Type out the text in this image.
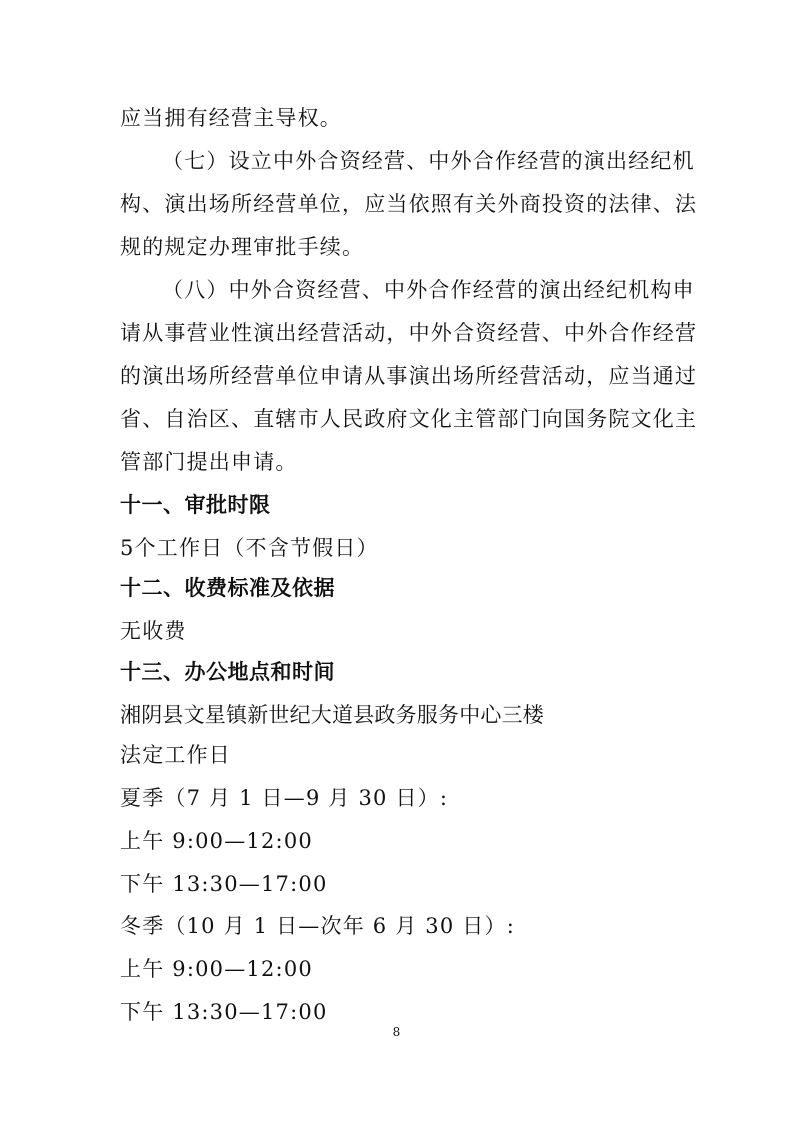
应当拥有经营主导权。
（七）设立中外合资经营、中外合作经营的演出经纪机
构、演出场所经营单位，应当依照有关外商投资的法律、法
规的规定办理审批手续。
（八）中外合资经营、中外合作经营的演出经纪机构申
请从事营业性演出经营活动，中外合资经营、中外合作经营
的演出场所经营单位申请从事演出场所经营活动，应当通过
省、自治区、直辖市人民政府文化主管部门向国务院文化主
管部门提出申请。
十一、审批时限
5个工作日（不含节假日）
十二、收费标准及依据
无收费
十三、办公地点和时间
湘阴县文星镇新世纪大道县政务服务中心三楼
法定工作日
夏季（7 月 1 日—9 月 30 日）:
上午 9:00—12:00
下午 13:30—17:00
冬季（10 月 1 日—次年 6 月 30 日）:
上午 9:00—12:00
下午 13:30—17:00
8
